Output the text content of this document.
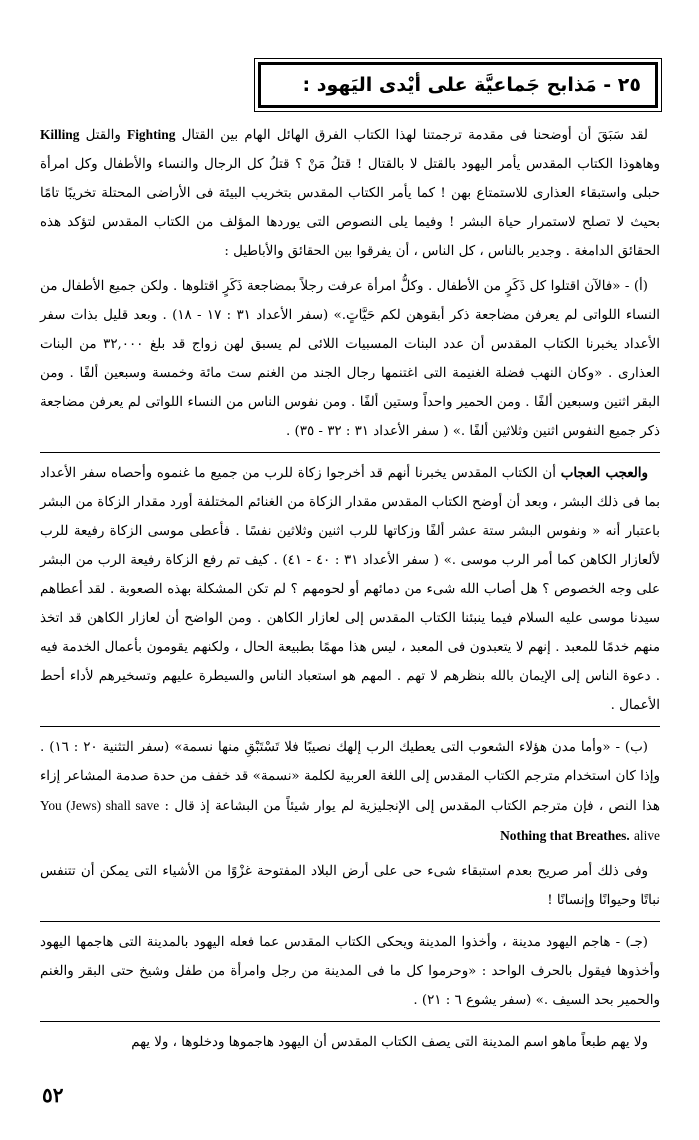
٢٥ - مَذابح جَماعيَّة على أيْدى اليَهود :

لقد سَبَقَ أن أوضحنا فى مقدمة ترجمتنا لهذا الكتاب الفرق الهائل الهام بين القتال Fighting والقتل Killing وهاهوذا الكتاب المقدس يأمر اليهود بالقتل لا بالقتال ! قتلُ مَنْ ؟ قتلُ كل الرجال والنساء والأطفال وكل امرأة حبلى واستبقاء العذارى للاستمتاع بهن ! كما يأمر الكتاب المقدس بتخريب البيئة فى الأراضى المحتلة تخريبًا تامًا بحيث لا تصلح لاستمرار حياة البشر ! وفيما يلى النصوص التى يوردها المؤلف من الكتاب المقدس لتؤكد هذه الحقائق الدامغة . وجدير بالناس ، كل الناس ، أن يفرقوا بين الحقائق والأباطيل :

(أ) - «فالآن اقتلوا كل ذَكَرٍ من الأطفال . وكلُّ امرأة عرفت رجلاً بمضاجعة ذَكَرٍ اقتلوها . ولكن جميع الأطفال من النساء اللواتى لم يعرفن مضاجعة ذكر أبقوهن لكم حَيَّاتٍ.» (سفر الأعداد ٣١ : ١٧ - ١٨) . وبعد قليل بذات سفر الأعداد يخبرنا الكتاب المقدس أن عدد البنات المسبيات اللائى لم يسبق لهن زواج قد بلغ ٣٢,٠٠٠ من البنات العذارى . «وكان النهب فضلة الغنيمة التى اغتنمها رجال الجند من الغنم ست مائة وخمسة وسبعين ألفًا . ومن البقر اثنين وسبعين ألفًا . ومن الحمير واحداً وستين ألفًا . ومن نفوس الناس من النساء اللواتى لم يعرفن مضاجعة ذكر جميع النفوس اثنين وثلاثين ألفًا .» ( سفر الأعداد ٣١ : ٣٢ - ٣٥) .

والعجب العجاب أن الكتاب المقدس يخبرنا أنهم قد أخرجوا زكاة للرب من جميع ما غنموه وأحصاه سفر الأعداد بما فى ذلك البشر ، وبعد أن أوضح الكتاب المقدس مقدار الزكاة من الغنائم المختلفة أورد مقدار الزكاة من البشر باعتبار أنه « ونفوس البشر ستة عشر ألفًا وزكاتها للرب اثنين وثلاثين نفسًا . فأعطى موسى الزكاة رفيعة للرب لألعازار الكاهن كما أمر الرب موسى .» ( سفر الأعداد ٣١ : ٤٠ - ٤١) . كيف تم رفع الزكاة رفيعة الرب من البشر على وجه الخصوص ؟ هل أصاب الله شىء من دمائهم أو لحومهم ؟ لم تكن المشكلة بهذه الصعوبة . لقد أعطاهم سيدنا موسى عليه السلام فيما ينبئنا الكتاب المقدس إلى لعازار الكاهن . ومن الواضح أن لعازار الكاهن قد اتخذ منهم خدمًا للمعبد . إنهم لا يتعبدون فى المعبد ، ليس هذا مهمًا بطبيعة الحال ، ولكنهم يقومون بأعمال الخدمة فيه . دعوة الناس إلى الإيمان بالله بنظرهم لا تهم . المهم هو استعباد الناس والسيطرة عليهم وتسخيرهم لأداء أحط الأعمال .

(ب) - «وأما مدن هؤلاء الشعوب التى يعطيك الرب إلهك نصيبًا فلا تَسْتَبْقِ منها نسمة» (سفر التثنية ٢٠ : ١٦) . وإذا كان استخدام مترجم الكتاب المقدس إلى اللغة العربية لكلمة «نسمة» قد خفف من حدة صدمة المشاعر إزاء هذا النص ، فإن مترجم الكتاب المقدس إلى الإنجليزية لم يوار شيئاً من البشاعة إذ قال : You (Jews) shall save alive Nothing that Breathes.

وفى ذلك أمر صريح بعدم استبقاء شىء حى على أرض البلاد المفتوحة غزْوًا من الأشياء التى يمكن أن تتنفس نباتًا وحيوانًا وإنسانًا !

(جـ) - هاجم اليهود مدينة ، وأخذوا المدينة ويحكى الكتاب المقدس عما فعله اليهود بالمدينة التى هاجمها اليهود وأخذوها فيقول بالحرف الواحد : «وحرموا كل ما فى المدينة من رجل وامرأة من طفل وشيخ حتى البقر والغنم والحمير بحد السيف .» (سفر يشوع ٦ : ٢١) .

ولا يهم طبعاً ماهو اسم المدينة التى يصف الكتاب المقدس أن اليهود هاجموها ودخلوها ، ولا يهم

٥٢
